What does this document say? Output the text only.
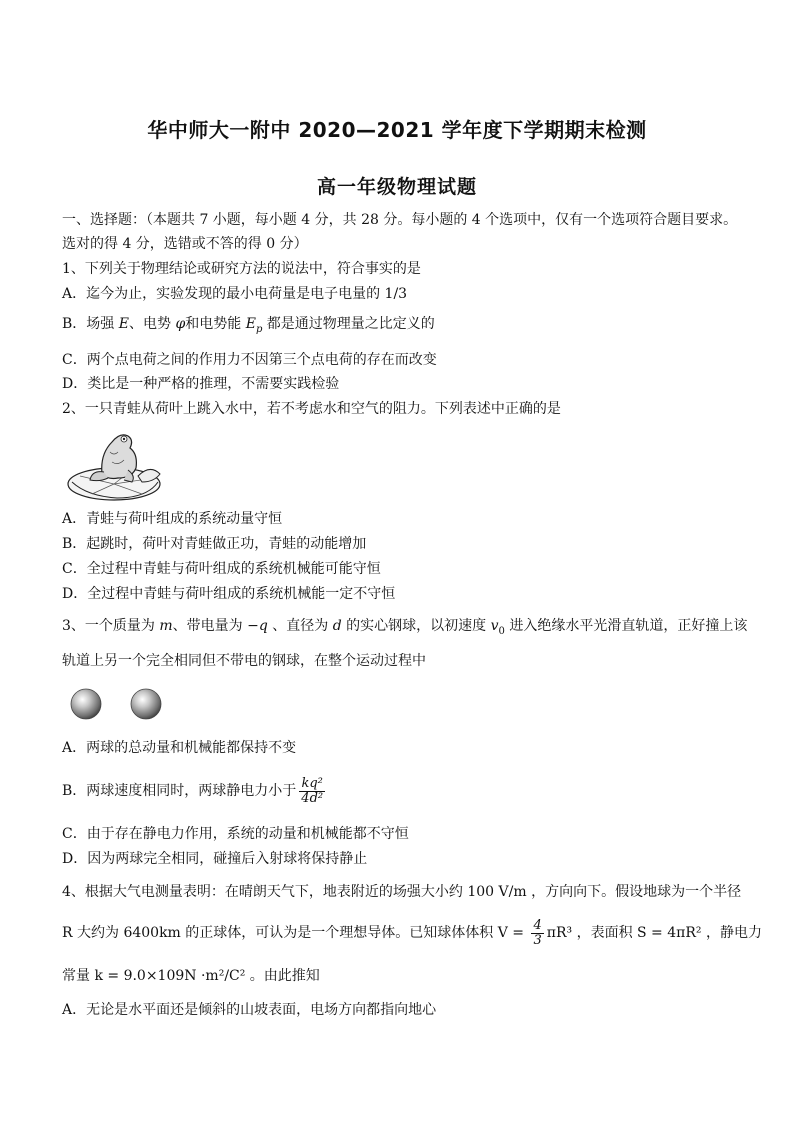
华中师大一附中 2020—2021 学年度下学期期末检测
高一年级物理试题
一、选择题：（本题共 7 小题，每小题 4 分，共 28 分。每小题的 4 个选项中，仅有一个选项符合题目要求。
选对的得 4 分，选错或不答的得 0 分）
1、下列关于物理结论或研究方法的说法中，符合事实的是
A．迄今为止，实验发现的最小电荷量是电子电量的 1/3
B．场强 E、电势 φ和电势能 $E_p$ 都是通过物理量之比定义的
C．两个点电荷之间的作用力不因第三个点电荷的存在而改变
D．类比是一种严格的推理，不需要实践检验
2、一只青蛙从荷叶上跳入水中，若不考虑水和空气的阻力。下列表述中正确的是
A．青蛙与荷叶组成的系统动量守恒
B．起跳时，荷叶对青蛙做正功，青蛙的动能增加
C．全过程中青蛙与荷叶组成的系统机械能可能守恒
D．全过程中青蛙与荷叶组成的系统机械能一定不守恒
3、一个质量为 m、带电量为 −q 、直径为 d 的实心钢球，以初速度 $v_0$ 进入绝缘水平光滑直轨道，正好撞上该
轨道上另一个完全相同但不带电的钢球，在整个运动过程中
A．两球的总动量和机械能都保持不变
B．两球速度相同时，两球静电力小于 $\frac{\text{kq²}}{\text{4d²}}$
C．由于存在静电力作用，系统的动量和机械能都不守恒
D．因为两球完全相同，碰撞后入射球将保持静止
4、根据大气电测量表明：在晴朗天气下，地表附近的场强大小约 100 V/m ，方向向下。假设地球为一个半径
R 大约为 6400km 的正球体，可认为是一个理想导体。已知球体体积 $V = \frac{4}{3} \pi R^3$ ，表面积 S = 4πR² ，静电力
常量 k = 9.0×109N ·m²/C² 。由此推知
A．无论是水平面还是倾斜的山坡表面，电场方向都指向地心
